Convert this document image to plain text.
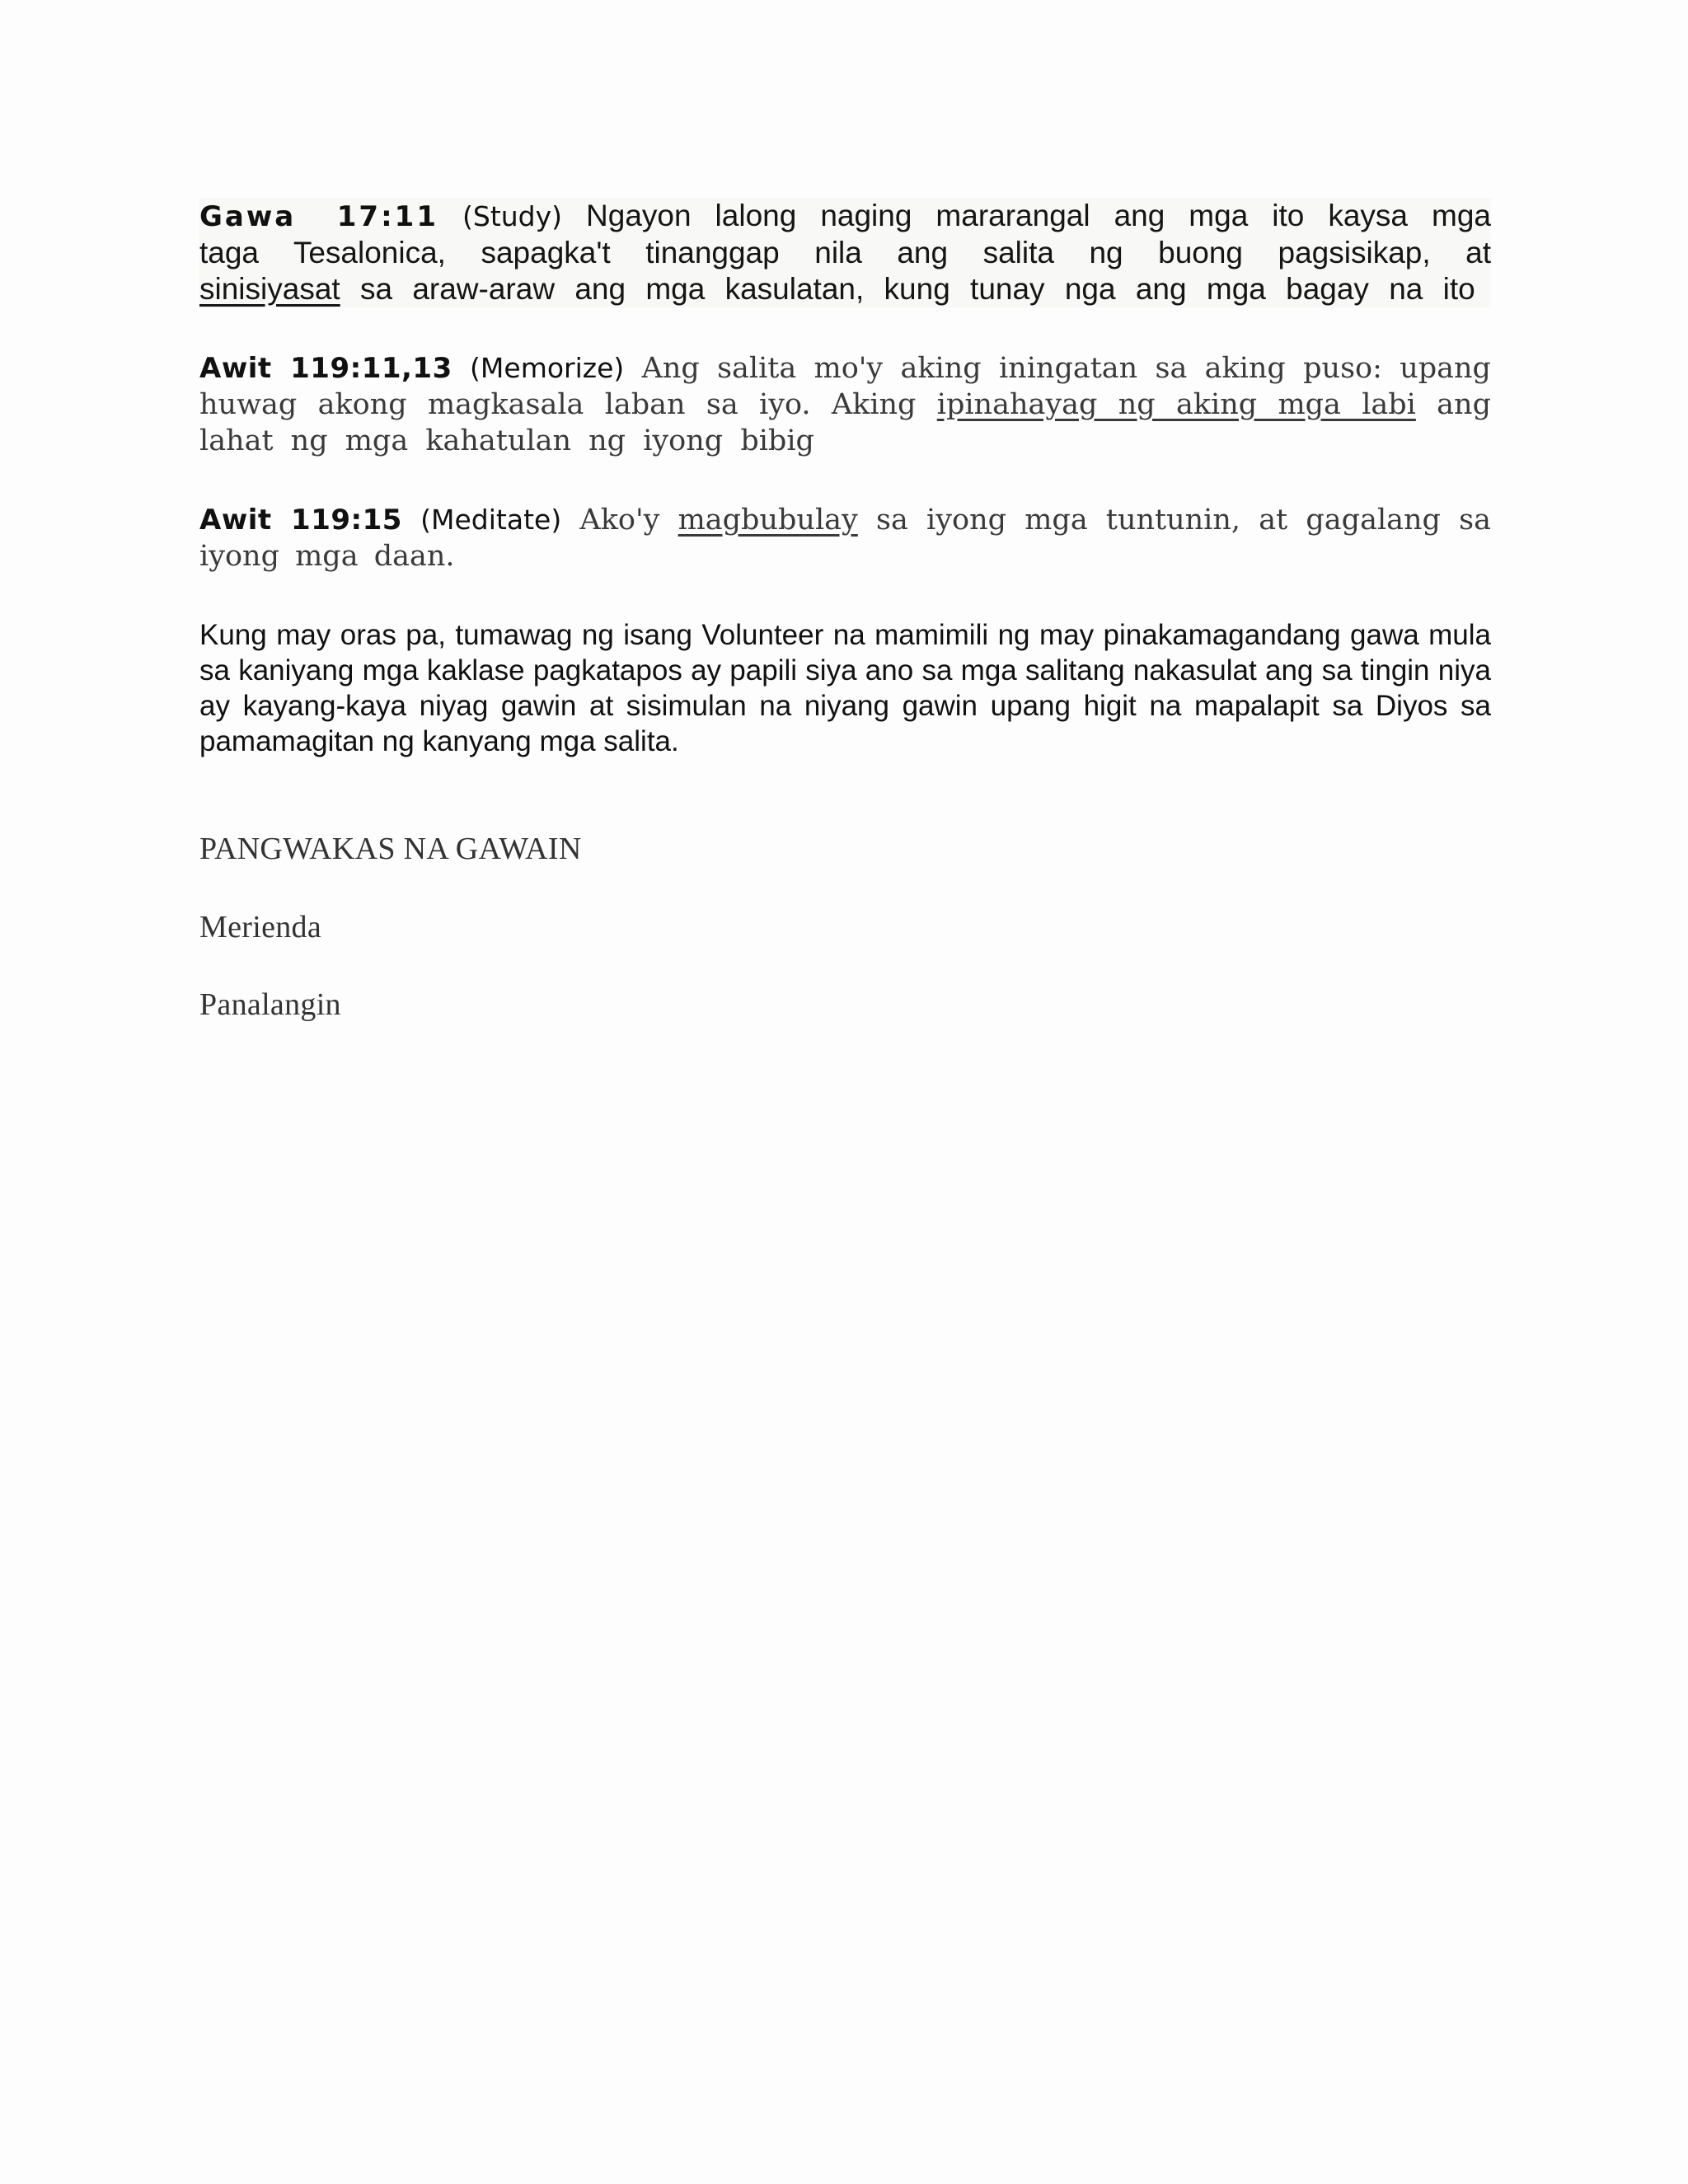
Gawa 17:11 (Study) Ngayon lalong naging mararangal ang mga ito kaysa mga taga Tesalonica, sapagka't tinanggap nila ang salita ng buong pagsisikap, at sinisiyasat sa araw-araw ang mga kasulatan, kung tunay nga ang mga bagay na ito

Awit 119:11,13 (Memorize) Ang salita mo'y aking iningatan sa aking puso: upang huwag akong magkasala laban sa iyo. Aking ipinahayag ng aking mga labi ang lahat ng mga kahatulan ng iyong bibig

Awit 119:15 (Meditate) Ako'y magbubulay sa iyong mga tuntunin, at gagalang sa iyong mga daan.

Kung may oras pa, tumawag ng isang Volunteer na mamimili ng may pinakamagandang gawa mula sa kaniyang mga kaklase pagkatapos ay papili siya ano sa mga salitang nakasulat ang sa tingin niya ay kayang-kaya niyag gawin at sisimulan na niyang gawin upang higit na mapalapit sa Diyos sa pamamagitan ng kanyang mga salita.

PANGWAKAS NA GAWAIN

Merienda

Panalangin
